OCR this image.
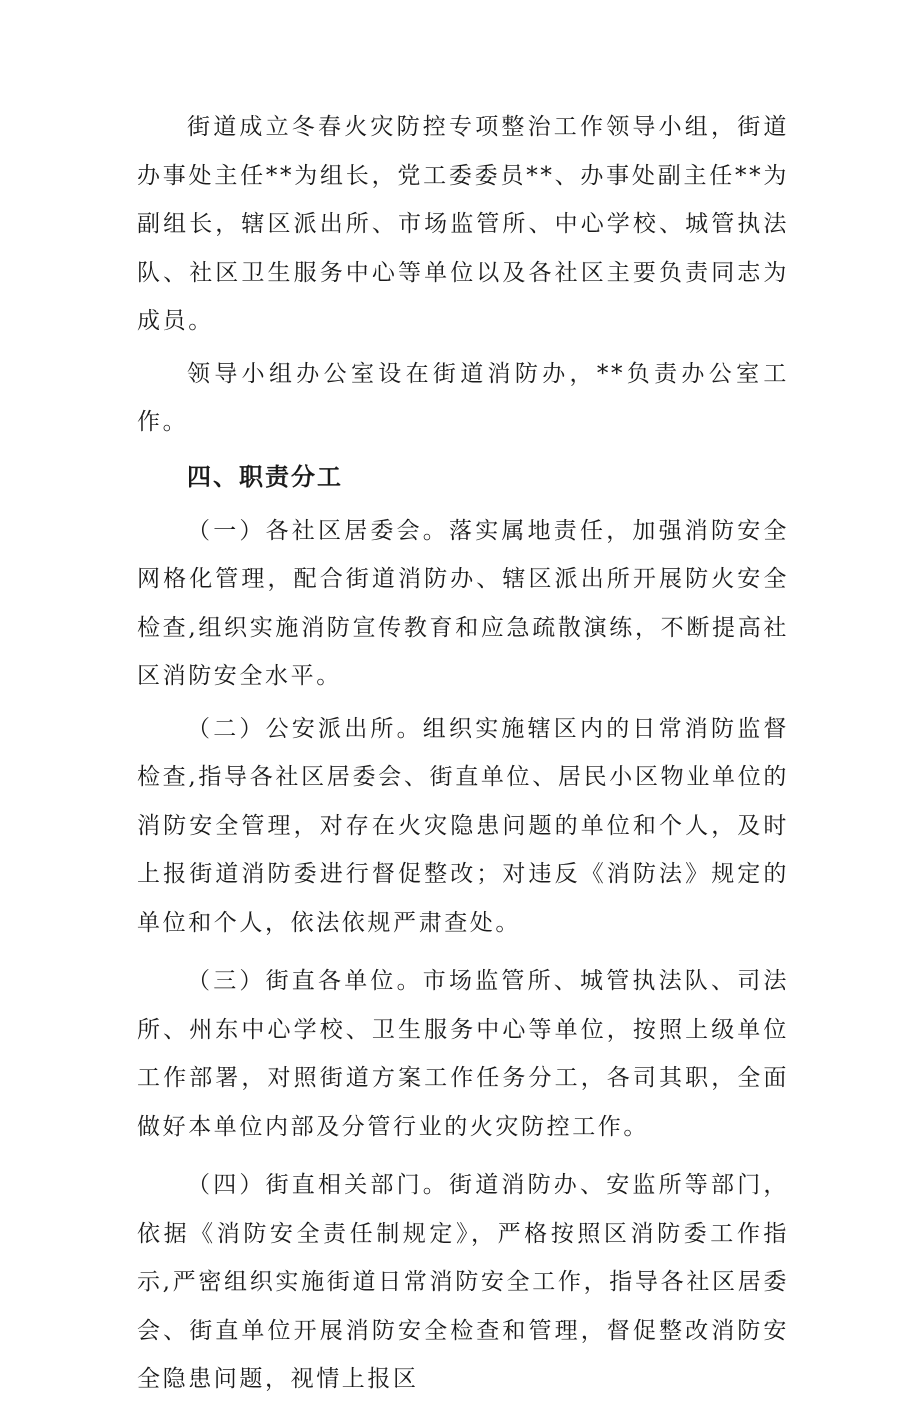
街道成立冬春火灾防控专项整治工作领导小组，街道办事处主任**为组长，党工委委员**、办事处副主任**为副组长，辖区派出所、市场监管所、中心学校、城管执法队、社区卫生服务中心等单位以及各社区主要负责同志为成员。

领导小组办公室设在街道消防办，**负责办公室工作。

四、职责分工

（一）各社区居委会。落实属地责任，加强消防安全网格化管理，配合街道消防办、辖区派出所开展防火安全检查,组织实施消防宣传教育和应急疏散演练，不断提高社区消防安全水平。

（二）公安派出所。组织实施辖区内的日常消防监督检查,指导各社区居委会、街直单位、居民小区物业单位的消防安全管理，对存在火灾隐患问题的单位和个人，及时上报街道消防委进行督促整改；对违反《消防法》规定的单位和个人，依法依规严肃查处。

（三）街直各单位。市场监管所、城管执法队、司法所、州东中心学校、卫生服务中心等单位，按照上级单位工作部署，对照街道方案工作任务分工，各司其职，全面做好本单位内部及分管行业的火灾防控工作。

（四）街直相关部门。街道消防办、安监所等部门，依据《消防安全责任制规定》，严格按照区消防委工作指示,严密组织实施街道日常消防安全工作，指导各社区居委会、街直单位开展消防安全检查和管理，督促整改消防安全隐患问题，视情上报区
